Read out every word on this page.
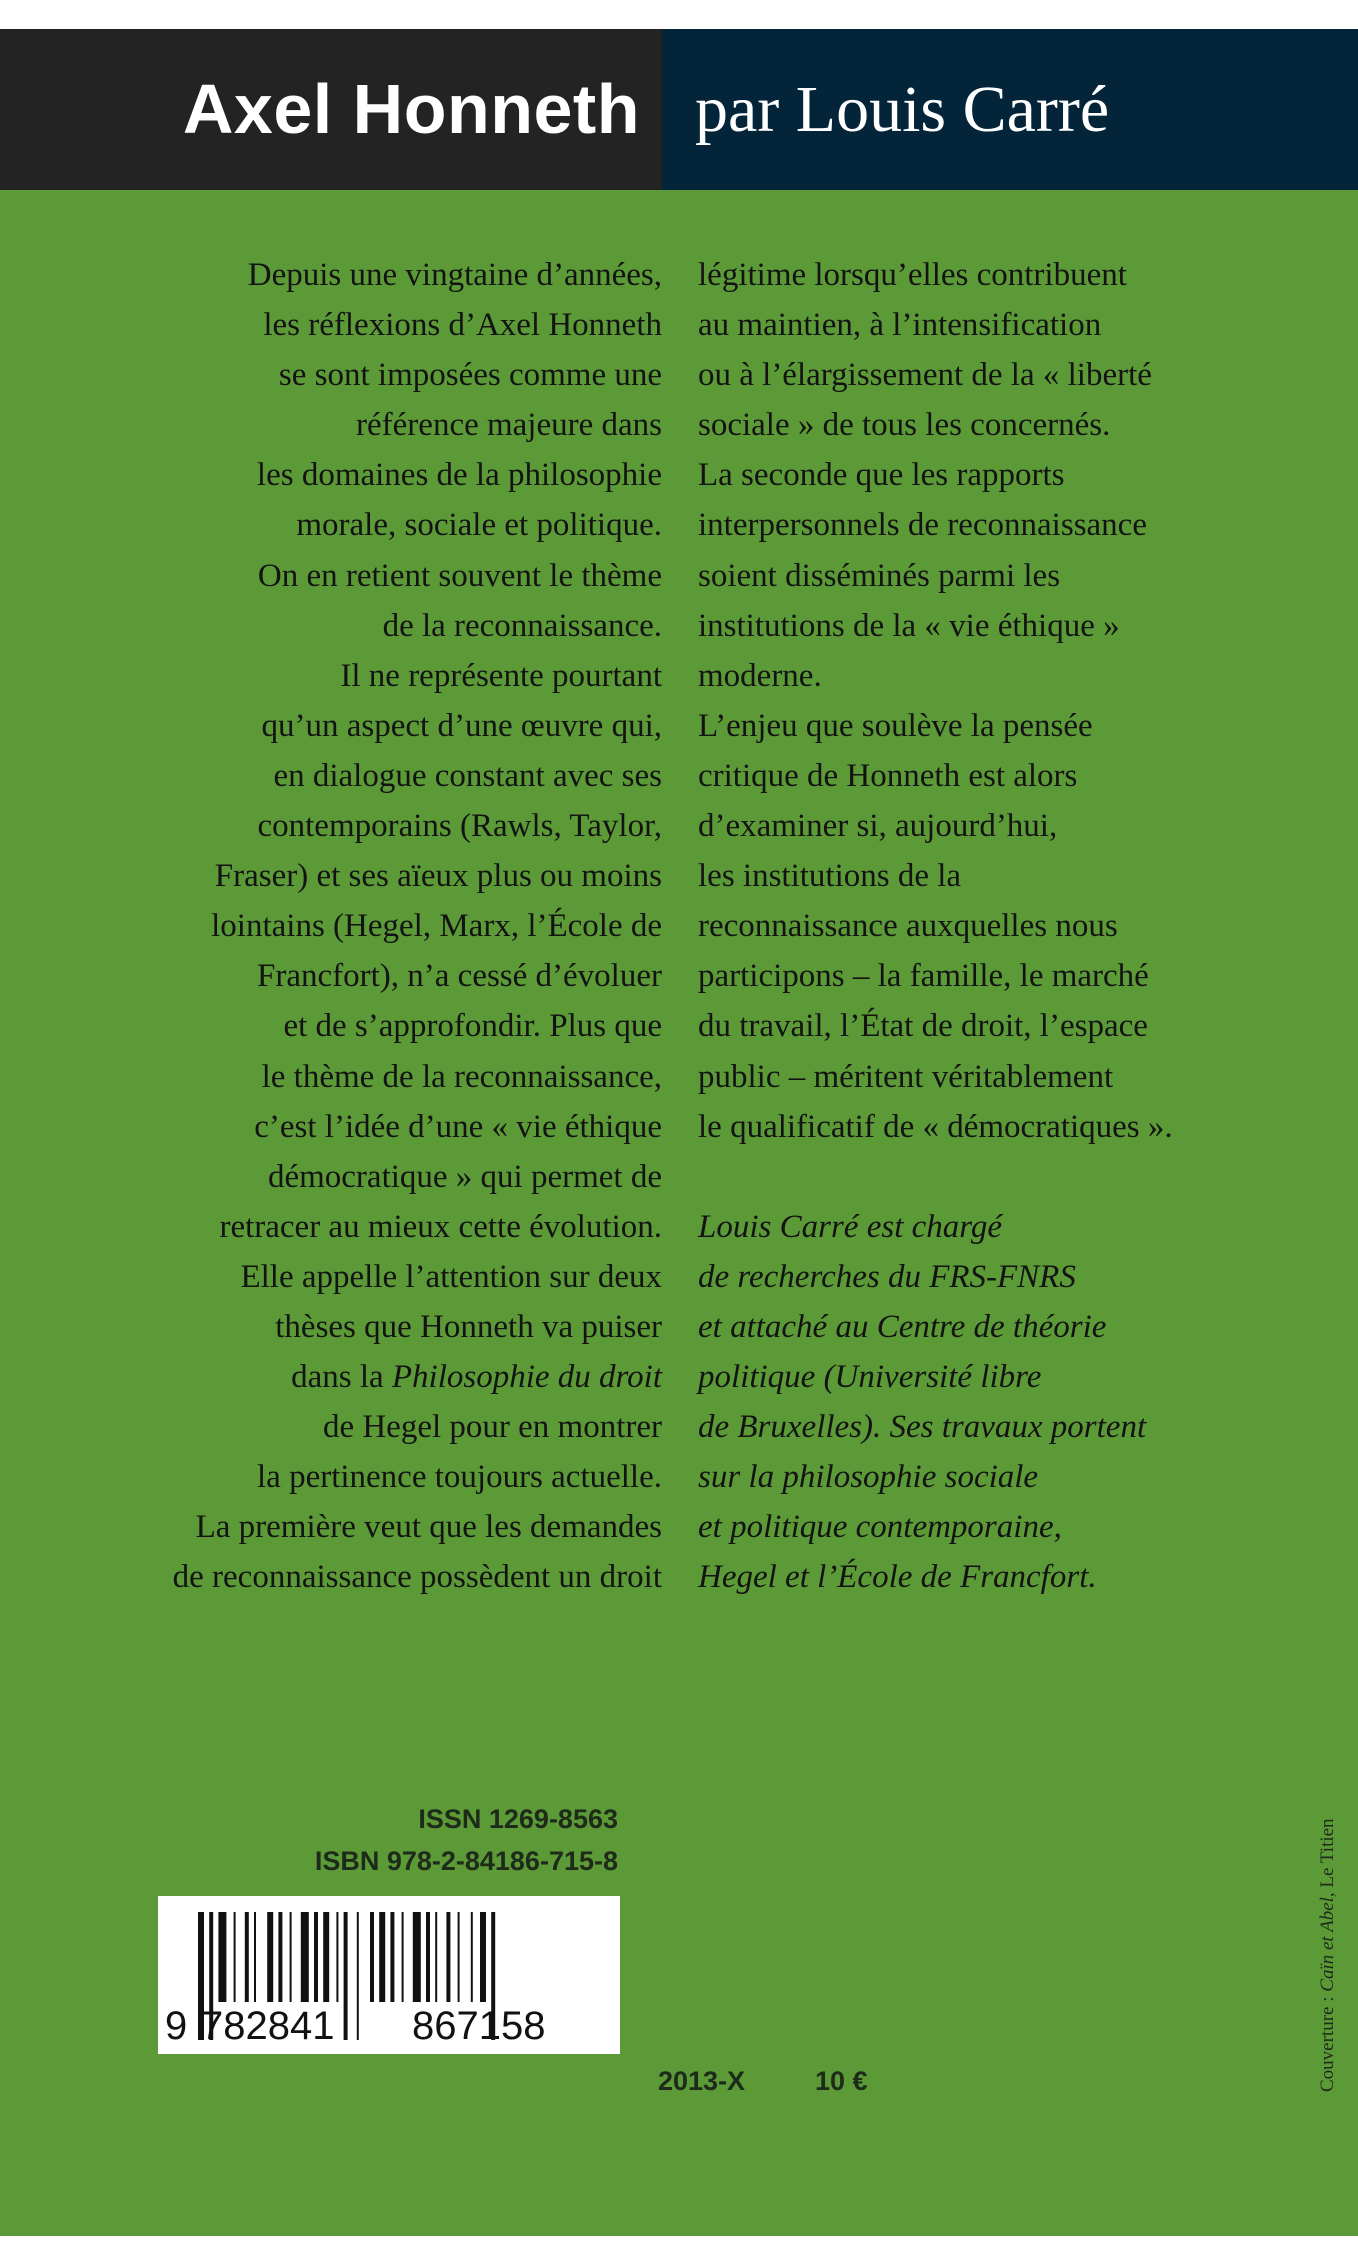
Axel Honneth par Louis Carré
Depuis une vingtaine d’années,
les réflexions d’Axel Honneth
se sont imposées comme une
référence majeure dans
les domaines de la philosophie
morale, sociale et politique.
On en retient souvent le thème
de la reconnaissance.
Il ne représente pourtant
qu’un aspect d’une œuvre qui,
en dialogue constant avec ses
contemporains (Rawls, Taylor,
Fraser) et ses aïeux plus ou moins
lointains (Hegel, Marx, l’École de
Francfort), n’a cessé d’évoluer
et de s’approfondir. Plus que
le thème de la reconnaissance,
c’est l’idée d’une « vie éthique
démocratique » qui permet de
retracer au mieux cette évolution.
Elle appelle l’attention sur deux
thèses que Honneth va puiser
dans la Philosophie du droit
de Hegel pour en montrer
la pertinence toujours actuelle.
La première veut que les demandes
de reconnaissance possèdent un droit
légitime lorsqu’elles contribuent
au maintien, à l’intensification
ou à l’élargissement de la « liberté
sociale » de tous les concernés.
La seconde que les rapports
interpersonnels de reconnaissance
soient disséminés parmi les
institutions de la « vie éthique »
moderne.
L’enjeu que soulève la pensée
critique de Honneth est alors
d’examiner si, aujourd’hui,
les institutions de la
reconnaissance auxquelles nous
participons – la famille, le marché
du travail, l’État de droit, l’espace
public – méritent véritablement
le qualificatif de « démocratiques ».
Louis Carré est chargé
de recherches du FRS-FNRS
et attaché au Centre de théorie
politique (Université libre
de Bruxelles). Ses travaux portent
sur la philosophie sociale
et politique contemporaine,
Hegel et l’École de Francfort.
ISSN 1269-8563
ISBN 978-2-84186-715-8
9 782841 867158
2013-X	10 €	Couverture : Caïn et Abel, Le Titien
